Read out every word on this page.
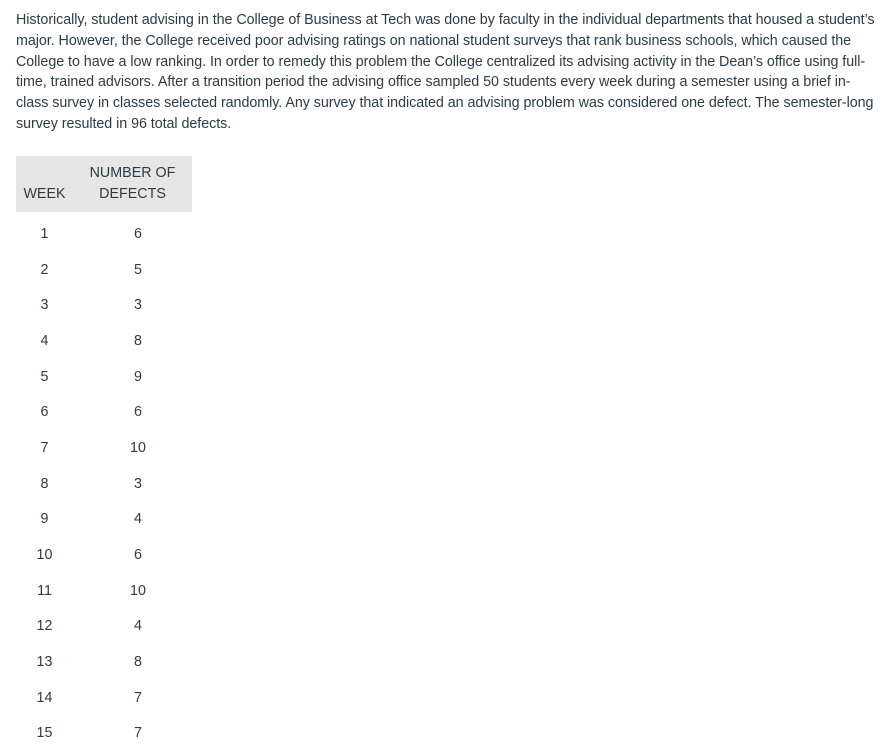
Historically, student advising in the College of Business at Tech was done by faculty in the individual departments that housed a student’s major. However, the College received poor advising ratings on national student surveys that rank business schools, which caused the College to have a low ranking. In order to remedy this problem the College centralized its advising activity in the Dean’s office using full-time, trained advisors. After a transition period the advising office sampled 50 students every week during a semester using a brief in-class survey in classes selected randomly. Any survey that indicated an advising problem was considered one defect. The semester-long survey resulted in 96 total defects.

WEEK	NUMBER OF
DEFECTS
1	6
2	5
3	3
4	8
5	9
6	6
7	10
8	3
9	4
10	6
11	10
12	4
13	8
14	7
15	7
